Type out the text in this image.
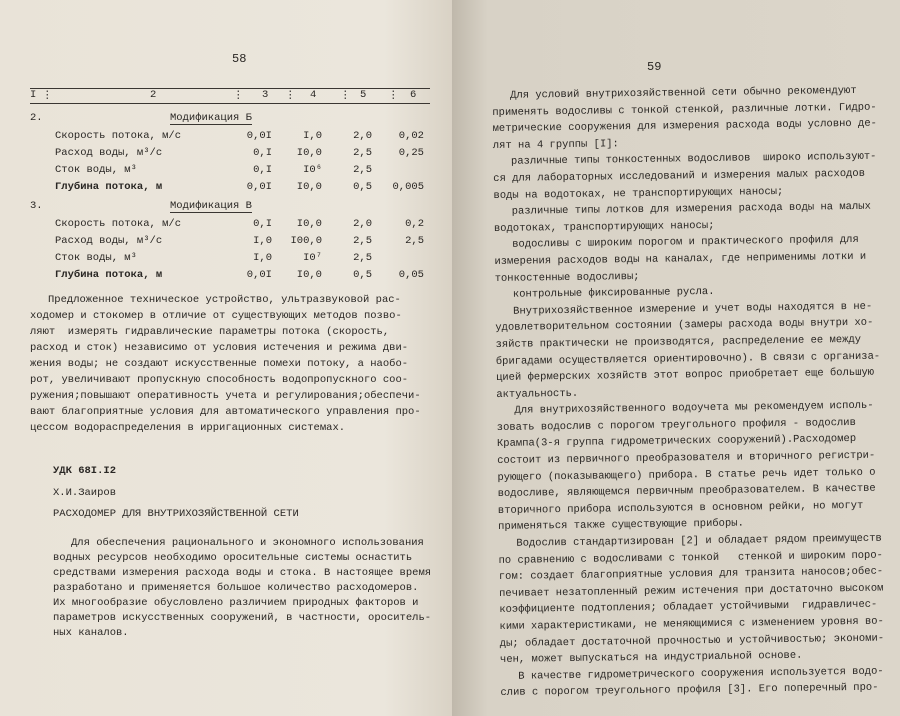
58
I	2	3	4	5	6
⋮	⋮	⋮	⋮	⋮
2.	Модификация Б
Скорость потока, м/с	0,0I	I,0	2,0	0,02
Расход воды, м³/с	0,I	I0,0	2,5	0,25
Сток воды, м³	0,I	I0⁶	2,5
Глубина потока, м	0,0I	I0,0	0,5	0,005
3.	Модификация В
Скорость потока, м/с	0,I	I0,0	2,0	0,2
Расход воды, м³/с	I,0	I00,0	2,5	2,5
Сток воды, м³	I,0	I0⁷	2,5
Глубина потока, м	0,0I	I0,0	0,5	0,05
Предложенное техническое устройство, ультразвуковой рас-
ходомер и стокомер в отличие от существующих методов позво-
ляют  измерять гидравлические параметры потока (скорость,
расход и сток) независимо от условия истечения и режима дви-
жения воды; не создают искусственные помехи потоку, а наобо-
рот, увеличивают пропускную способность водопропускного соо-
ружения;повышают оперативность учета и регулирования;обеспечи-
вают благоприятные условия для автоматического управления про-
цессом водораспределения в ирригационных системах.
УДК 68I.I2
Х.И.Заиров
РАСХОДОМЕР ДЛЯ ВНУТРИХОЗЯЙСТВЕННОЙ СЕТИ
Для обеспечения рационального и экономного использования
водных ресурсов необходимо оросительные системы оснастить
средствами измерения расхода воды и стока. В настоящее время
разработано и применяется большое количество расходомеров.
Их многообразие обусловлено различием природных факторов и
параметров искусственных сооружений, в частности, ороситель-
ных каналов.
59
Для условий внутрихозяйственной сети обычно рекомендуют
применять водосливы с тонкой стенкой, различные лотки. Гидро-
метрические сооружения для измерения расхода воды условно де-
лят на 4 группы [I]:
различные типы тонкостенных водосливов  широко используют-
ся для лабораторных исследований и измерения малых расходов
воды на водотоках, не транспортирующих наносы;
различные типы лотков для измерения расхода воды на малых
водотоках, транспортирующих наносы;
водосливы с широким порогом и практического профиля для
измерения расходов воды на каналах, где неприменимы лотки и
тонкостенные водосливы;
контрольные фиксированные русла.
Внутрихозяйственное измерение и учет воды находятся в не-
удовлетворительном состоянии (замеры расхода воды внутри хо-
зяйств практически не производятся, распределение ее между
бригадами осуществляется ориентировочно). В связи с организа-
цией фермерских хозяйств этот вопрос приобретает еще большую
актуальность.
Для внутрихозяйственного водоучета мы рекомендуем исполь-
зовать водослив с порогом треугольного профиля - водослив
Крампа(3-я группа гидрометрических сооружений).Расходомер
состоит из первичного преобразователя и вторичного регистри-
рующего (показывающего) прибора. В статье речь идет только о
водосливе, являющемся первичным преобразователем. В качестве
вторичного прибора используются в основном рейки, но могут
применяться также существующие приборы.
Водослив стандартизирован [2] и обладает рядом преимуществ
по сравнению с водосливами с тонкой   стенкой и широким поро-
гом: создает благоприятные условия для транзита наносов;обес-
печивает незатопленный режим истечения при достаточно высоком
коэффициенте подтопления; обладает устойчивыми  гидравличес-
кими характеристиками, не меняющимися с изменением уровня во-
ды; обладает достаточной прочностью и устойчивостью; экономи-
чен, может выпускаться на индустриальной основе.
В качестве гидрометрического сооружения используется водо-
слив с порогом треугольного профиля [3]. Его поперечный про-
